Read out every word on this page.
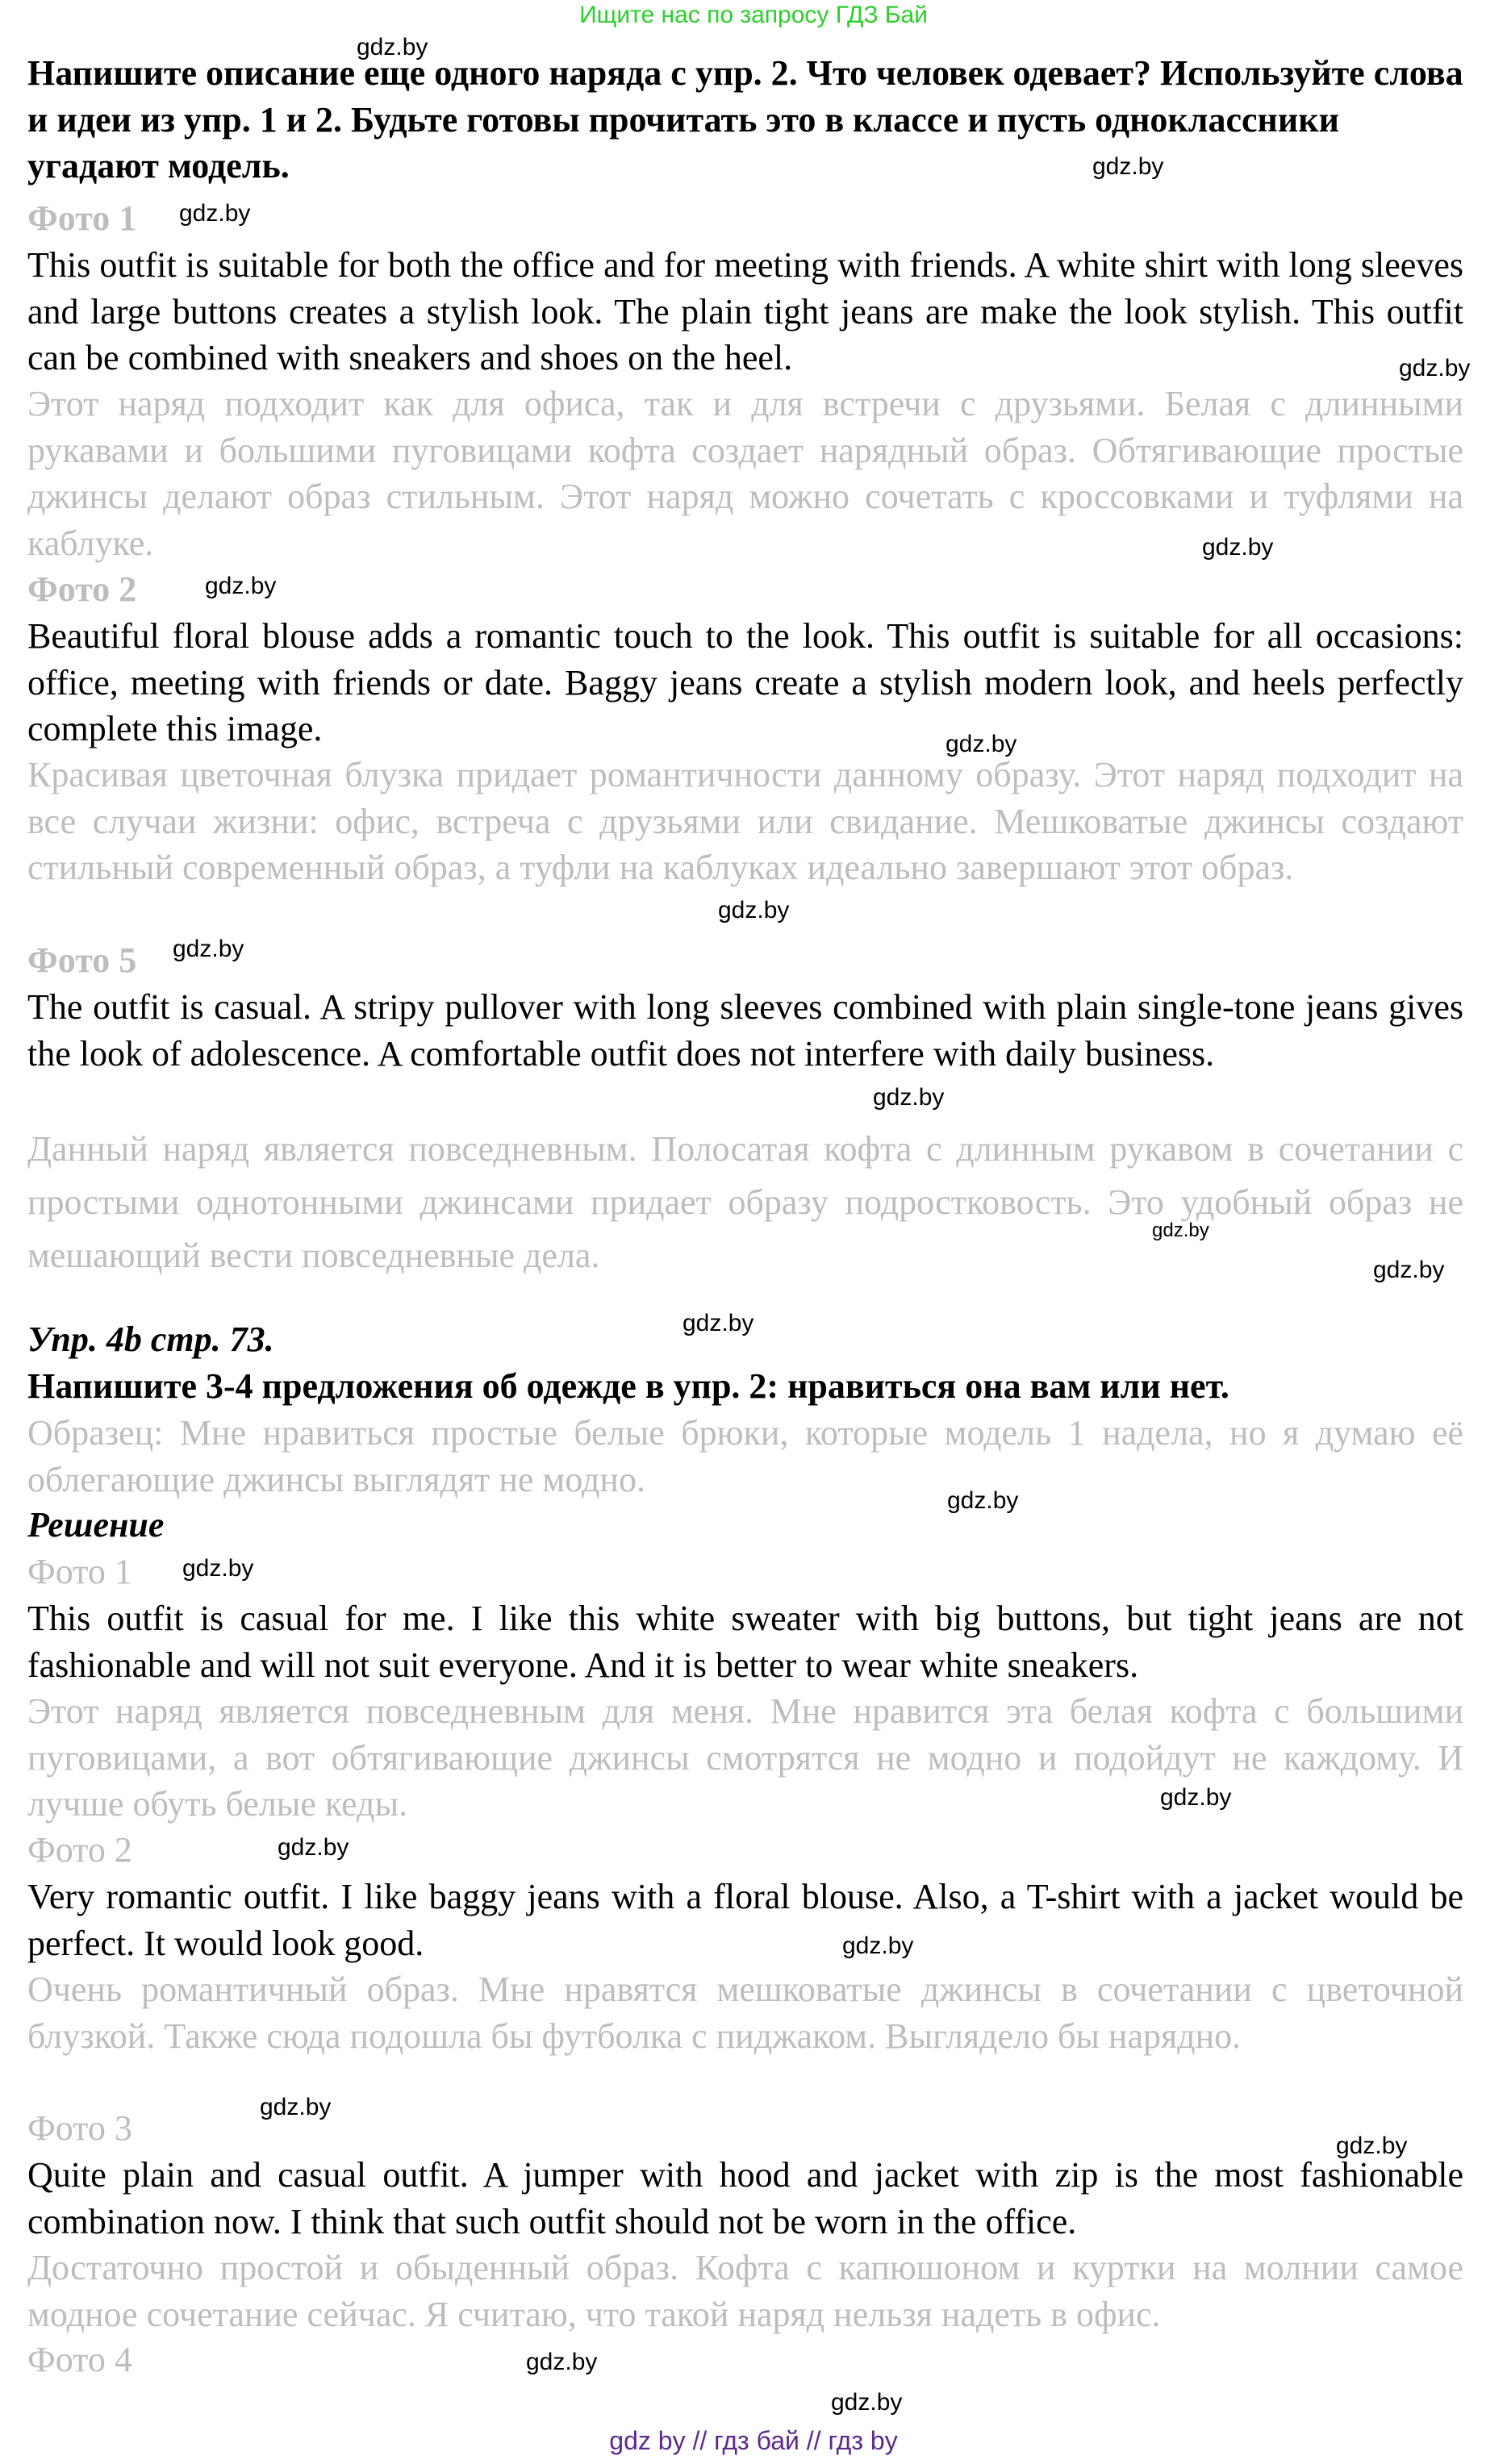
Ищите нас по запросу ГДЗ Бай
Напишите описание еще одного наряда с упр. 2. Что человек одевает? Используйте слова и идеи из упр. 1 и 2. Будьте готовы прочитать это в классе и пусть одноклассники угадают модель.
Фото 1
This outfit is suitable for both the office and for meeting with friends. A white shirt with long sleeves and large buttons creates a stylish look. The plain tight jeans are make the look stylish. This outfit can be combined with sneakers and shoes on the heel.
Этот наряд подходит как для офиса, так и для встречи с друзьями. Белая с длинными рукавами и большими пуговицами кофта создает нарядный образ. Обтягивающие простые джинсы делают образ стильным. Этот наряд можно сочетать с кроссовками и туфлями на каблуке.
Фото 2
Beautiful floral blouse adds a romantic touch to the look. This outfit is suitable for all occasions: office, meeting with friends or date. Baggy jeans create a stylish modern look, and heels perfectly complete this image.
Красивая цветочная блузка придает романтичности данному образу. Этот наряд подходит на все случаи жизни: офис, встреча с друзьями или свидание. Мешковатые джинсы создают стильный современный образ, а туфли на каблуках идеально завершают этот образ.
Фото 5
The outfit is casual. A stripy pullover with long sleeves combined with plain single-tone jeans gives the look of adolescence. A comfortable outfit does not interfere with daily business.
Данный наряд является повседневным. Полосатая кофта с длинным рукавом в сочетании с простыми однотонными джинсами придает образу подростковость. Это удобный образ не мешающий вести повседневные дела.
Упр. 4b стр. 73.
Напишите 3-4 предложения об одежде в упр. 2: нравиться она вам или нет.
Образец: Мне нравиться простые белые брюки, которые модель 1 надела, но я думаю её облегающие джинсы выглядят не модно.
Решение
Фото 1
This outfit is casual for me. I like this white sweater with big buttons, but tight jeans are not fashionable and will not suit everyone. And it is better to wear white sneakers.
Этот наряд является повседневным для меня. Мне нравится эта белая кофта с большими пуговицами, а вот обтягивающие джинсы смотрятся не модно и подойдут не каждому. И лучше обуть белые кеды.
Фото 2
Very romantic outfit. I like baggy jeans with a floral blouse. Also, a T-shirt with a jacket would be perfect. It would look good.
Очень романтичный образ. Мне нравятся мешковатые джинсы в сочетании с цветочной блузкой. Также сюда подошла бы футболка с пиджаком. Выглядело бы нарядно.
Фото 3
Quite plain and casual outfit. A jumper with hood and jacket with zip is the most fashionable combination now. I think that such outfit should not be worn in the office.
Достаточно простой и обыденный образ. Кофта с капюшоном и куртки на молнии самое модное сочетание сейчас. Я считаю, что такой наряд нельзя надеть в офис.
Фото 4
gdz.by
gdz.by
gdz.by
gdz.by
gdz.by
gdz.by
gdz.by
gdz.by
gdz.by
gdz.by
gdz.by
gdz.by
gdz.by
gdz.by
gdz.by
gdz.by
gdz.by
gdz.by
gdz.by
gdz.by
gdz.by
gdz.by
gdz by // гдз бай // гдз by
